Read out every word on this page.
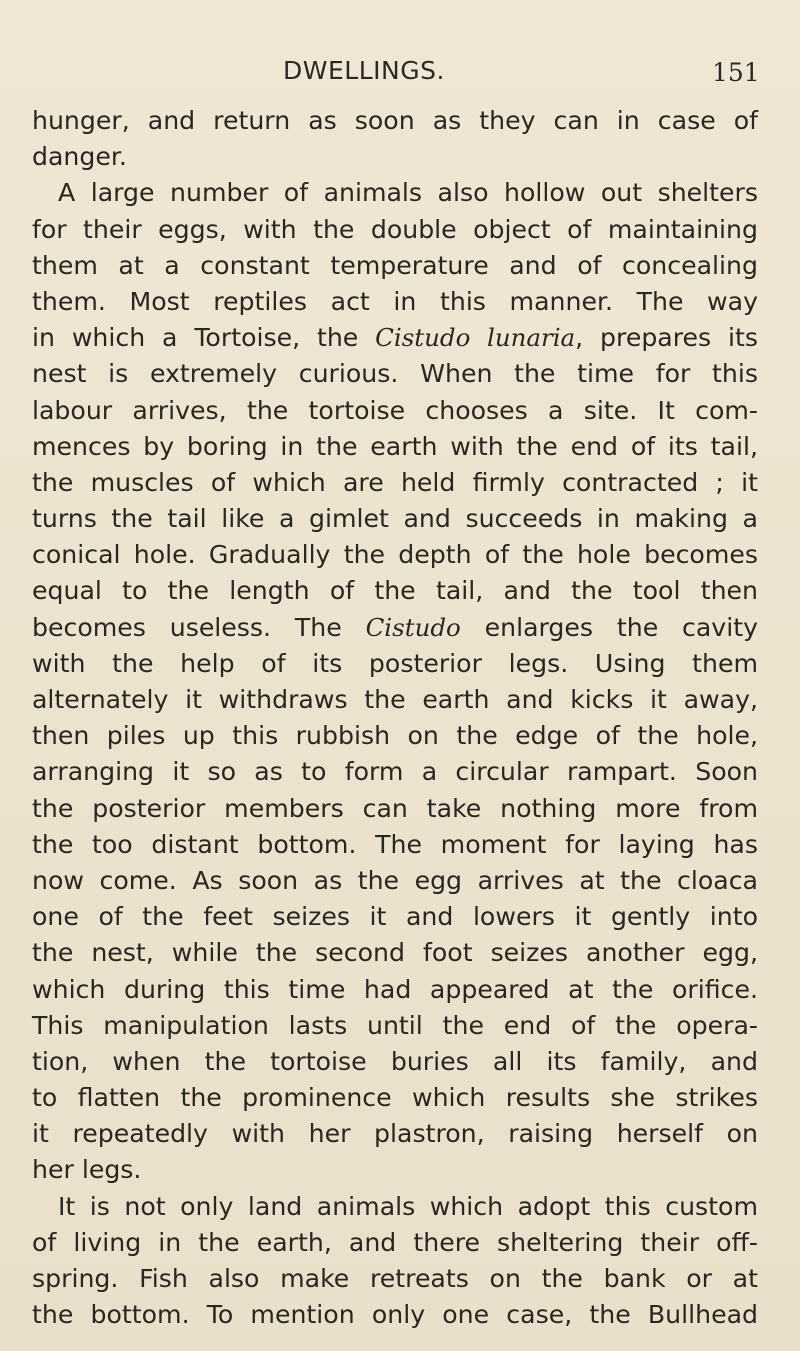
DWELLINGS.	151
hunger, and return as soon as they can in case of
danger.
A large number of animals also hollow out shelters
for their eggs, with the double object of maintaining
them at a constant temperature and of concealing
them. Most reptiles act in this manner. The way
in which a Tortoise, the Cistudo lunaria, prepares its
nest is extremely curious. When the time for this
labour arrives, the tortoise chooses a site. It com-
mences by boring in the earth with the end of its tail,
the muscles of which are held firmly contracted ; it
turns the tail like a gimlet and succeeds in making a
conical hole. Gradually the depth of the hole becomes
equal to the length of the tail, and the tool then
becomes useless. The Cistudo enlarges the cavity
with the help of its posterior legs. Using them
alternately it withdraws the earth and kicks it away,
then piles up this rubbish on the edge of the hole,
arranging it so as to form a circular rampart. Soon
the posterior members can take nothing more from
the too distant bottom. The moment for laying has
now come. As soon as the egg arrives at the cloaca
one of the feet seizes it and lowers it gently into
the nest, while the second foot seizes another egg,
which during this time had appeared at the orifice.
This manipulation lasts until the end of the opera-
tion, when the tortoise buries all its family, and
to flatten the prominence which results she strikes
it repeatedly with her plastron, raising herself on
her legs.
It is not only land animals which adopt this custom
of living in the earth, and there sheltering their off-
spring. Fish also make retreats on the bank or at
the bottom. To mention only one case, the Bullhead
